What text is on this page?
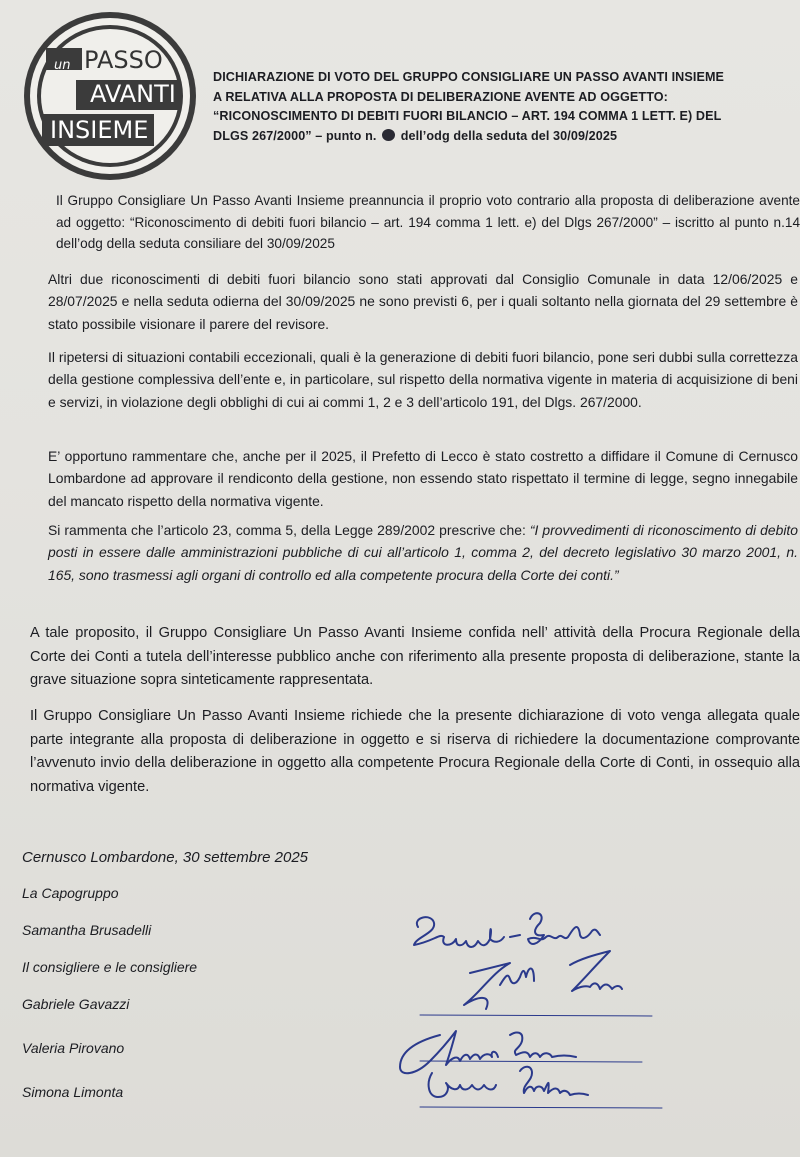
un PASSO
AVANTI
INSIEME
DICHIARAZIONE DI VOTO DEL GRUPPO CONSIGLIARE UN PASSO AVANTI INSIEME
A RELATIVA ALLA PROPOSTA DI DELIBERAZIONE AVENTE AD OGGETTO:
“RICONOSCIMENTO DI DEBITI FUORI BILANCIO – ART. 194 COMMA 1 LETT. E) DEL
DLGS 267/2000” – punto n. dell’odg della seduta del 30/09/2025
Il Gruppo Consigliare Un Passo Avanti Insieme preannuncia il proprio voto contrario alla proposta di deliberazione avente ad oggetto: “Riconoscimento di debiti fuori bilancio – art. 194 comma 1 lett. e) del Dlgs 267/2000” – iscritto al punto n.14 dell’odg della seduta consiliare del 30/09/2025
Altri due riconoscimenti di debiti fuori bilancio sono stati approvati dal Consiglio Comunale in data 12/06/2025 e 28/07/2025 e nella seduta odierna del 30/09/2025 ne sono previsti 6, per i quali soltanto nella giornata del 29 settembre è stato possibile visionare il parere del revisore.
Il ripetersi di situazioni contabili eccezionali, quali è la generazione di debiti fuori bilancio, pone seri dubbi sulla correttezza della gestione complessiva dell’ente e, in particolare, sul rispetto della normativa vigente in materia di acquisizione di beni e servizi, in violazione degli obblighi di cui ai commi 1, 2 e 3 dell’articolo 191, del Dlgs. 267/2000.
E’ opportuno rammentare che, anche per il 2025, il Prefetto di Lecco è stato costretto a diffidare il Comune di Cernusco Lombardone ad approvare il rendiconto della gestione, non essendo stato rispettato il termine di legge, segno innegabile del mancato rispetto della normativa vigente.
Si rammenta che l’articolo 23, comma 5, della Legge 289/2002 prescrive che: “I provvedimenti di riconoscimento di debito posti in essere dalle amministrazioni pubbliche di cui all’articolo 1, comma 2, del decreto legislativo 30 marzo 2001, n. 165, sono trasmessi agli organi di controllo ed alla competente procura della Corte dei conti.”
A tale proposito, il Gruppo Consigliare Un Passo Avanti Insieme confida nell’ attività della Procura Regionale della Corte dei Conti a tutela dell’interesse pubblico anche con riferimento alla presente proposta di deliberazione, stante la grave situazione sopra sinteticamente rappresentata.
Il Gruppo Consigliare Un Passo Avanti Insieme richiede che la presente dichiarazione di voto venga allegata quale parte integrante alla proposta di deliberazione in oggetto e si riserva di richiedere la documentazione comprovante l’avvenuto invio della deliberazione in oggetto alla competente Procura Regionale della Corte di Conti, in ossequio alla normativa vigente.
Cernusco Lombardone, 30 settembre 2025
La Capogruppo
Samantha Brusadelli
Il consigliere e le consigliere
Gabriele Gavazzi
Valeria Pirovano
Simona Limonta
